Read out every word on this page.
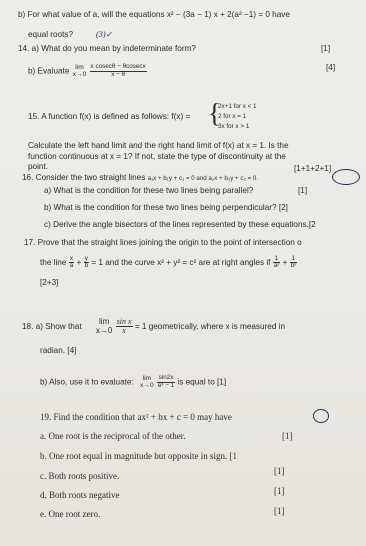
b) For what value of a, will the equations x² − (3a − 1) x + 2(a² −1) = 0 have
equal roots?	(3)✓
14. a) What do you mean by indeterminate form?	[1]
b) Evaluate lim
x→0
$\frac{\text{x cosecθ − θcosecx}}{x - \theta}$	[4]
15. A function f(x) is defined as follows: f(x) = {
2x+1 for x < 1
2 for x = 1
3x for x > 1
Calculate the left hand limit and the right hand limit of f(x) at x = 1. Is the
function continuous at x = 1? If not, state the type of discontinuity at the
[1+1+2+1]
point.
16. Consider the two straight lines a₁x + b₁y + c₁ = 0 and a₂x + b₂y + c₂ = 0.
a) What is the condition for these two lines being parallel?	[1]
b) What is the condition for these two lines being perpendicular? [2]
c) Derive the angle bisectors of the lines represented by these equations.[2
17. Prove that the straight lines joining the origin to the point of intersection o
the line $\frac{x}{a} + \frac{y}{b} = 1$ and the curve x² + y² = c² are at right angles if $\frac{1}{\text{a²}} + \frac{1}{\text{b²}}$
[2+3]
18. a) Show that
lim
x→0
$\frac{\text{sin x}}{x} = 1$ geometrically, where x is measured in
radian. [4]
b) Also, use it to evaluate:	lim
x→0
$\frac{\sin 2x}{\text{eˣ − 1}}$ is equal to [1]
19. Find the condition that ax² + bx + c = 0 may have
a. One root is the reciprocal of the other.	[1]
b. One root equal in magnitude but opposite in sign. [1
c. Both roots positive.	[1]
d. Both roots negative	[1]
e. One root zero.	[1]
